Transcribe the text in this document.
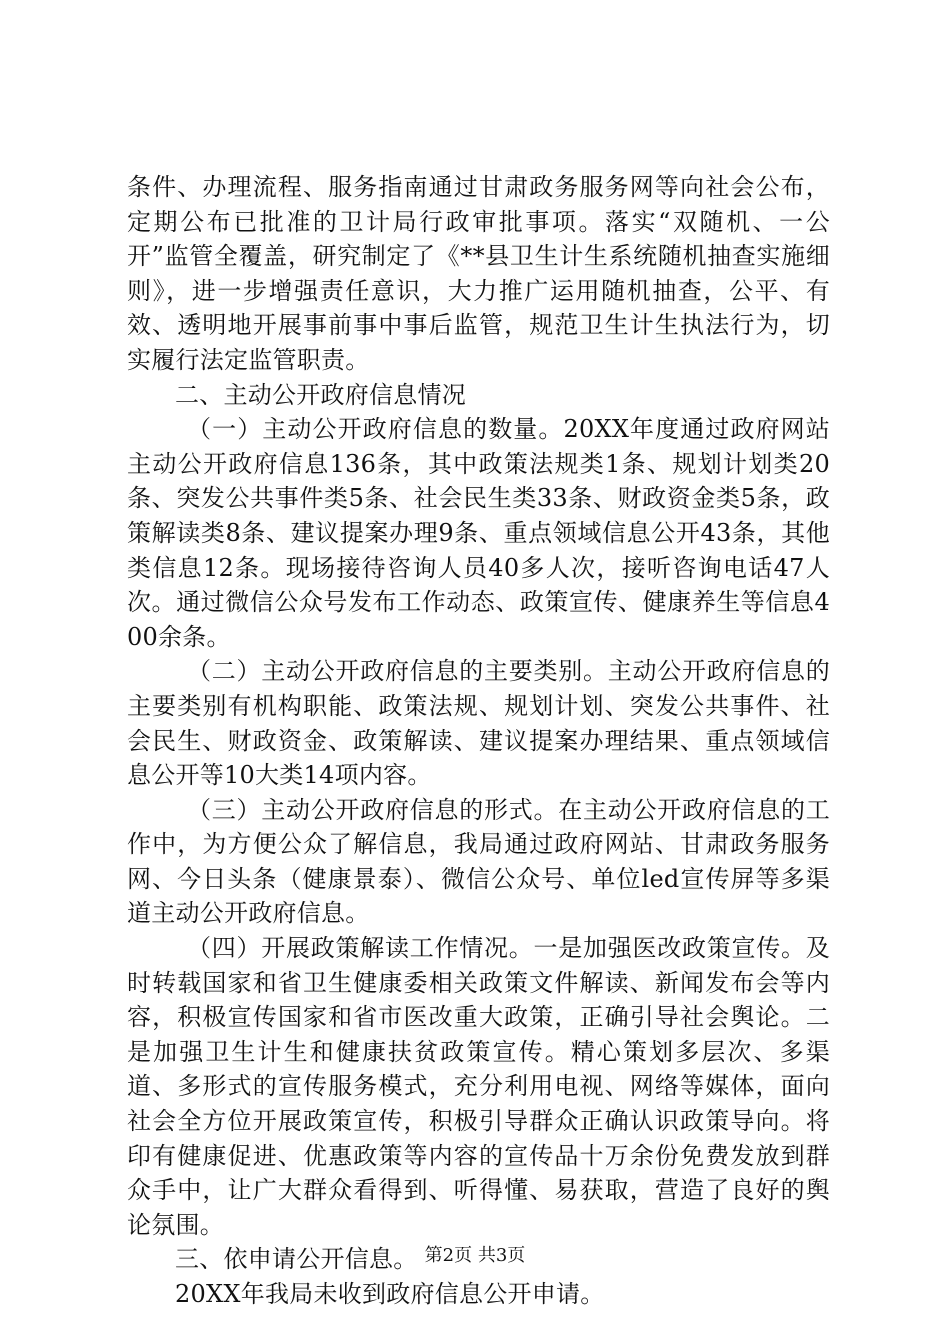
条件、办理流程、服务指南通过甘肃政务服务网等向社会公布，定期公布已批准的卫计局行政审批事项。落实“双随机、一公开”监管全覆盖，研究制定了《**县卫生计生系统随机抽查实施细则》，进一步增强责任意识，大力推广运用随机抽查，公平、有效、透明地开展事前事中事后监管，规范卫生计生执法行为，切实履行法定监管职责。

二、主动公开政府信息情况

（一）主动公开政府信息的数量。20XX年度通过政府网站主动公开政府信息136条，其中政策法规类1条、规划计划类20条、突发公共事件类5条、社会民生类33条、财政资金类5条，政策解读类8条、建议提案办理9条、重点领域信息公开43条，其他类信息12条。现场接待咨询人员40多人次，接听咨询电话47人次。通过微信公众号发布工作动态、政策宣传、健康养生等信息400余条。

（二）主动公开政府信息的主要类别。主动公开政府信息的主要类别有机构职能、政策法规、规划计划、突发公共事件、社会民生、财政资金、政策解读、建议提案办理结果、重点领域信息公开等10大类14项内容。

（三）主动公开政府信息的形式。在主动公开政府信息的工作中，为方便公众了解信息，我局通过政府网站、甘肃政务服务网、今日头条（健康景泰）、微信公众号、单位led宣传屏等多渠道主动公开政府信息。

（四）开展政策解读工作情况。一是加强医改政策宣传。及时转载国家和省卫生健康委相关政策文件解读、新闻发布会等内容，积极宣传国家和省市医改重大政策，正确引导社会舆论。二是加强卫生计生和健康扶贫政策宣传。精心策划多层次、多渠道、多形式的宣传服务模式，充分利用电视、网络等媒体，面向社会全方位开展政策宣传，积极引导群众正确认识政策导向。将印有健康促进、优惠政策等内容的宣传品十万余份免费发放到群众手中，让广大群众看得到、听得懂、易获取，营造了良好的舆论氛围。

三、依申请公开信息。

20XX年我局未收到政府信息公开申请。

第2页 共3页
